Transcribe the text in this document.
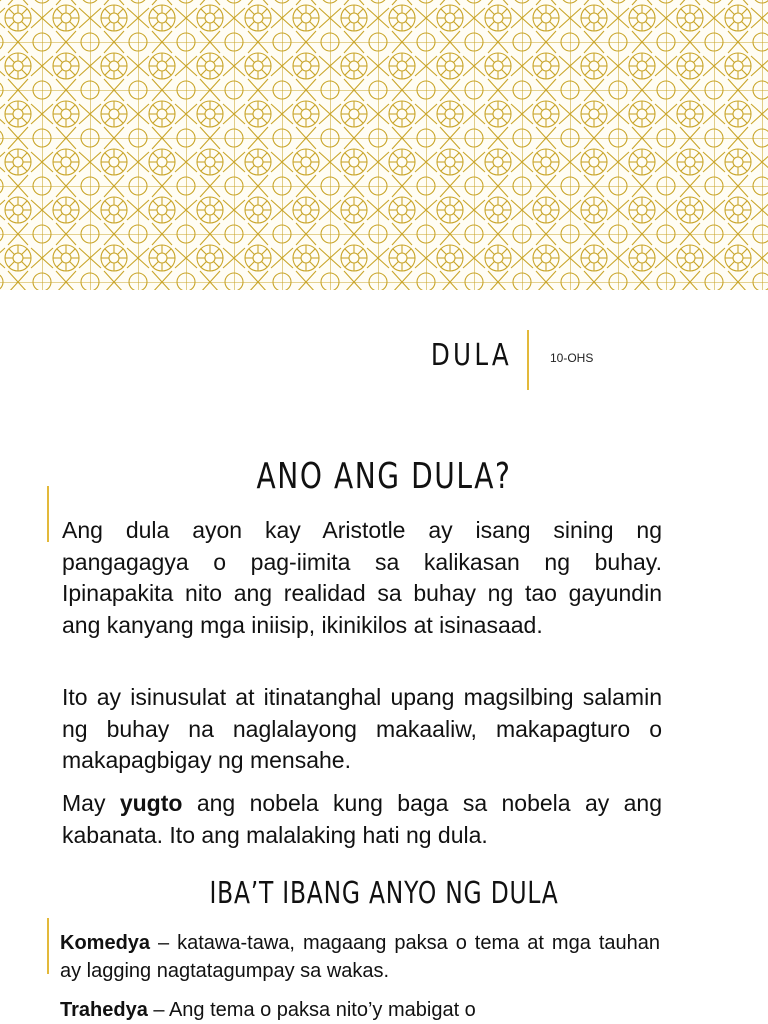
DULA	10-OHS
ANO ANG DULA?

Ang dula ayon kay Aristotle ay isang sining ng pangagagya o pag-iimita sa kalikasan ng buhay. Ipinapakita nito ang realidad sa buhay ng tao gayundin ang kanyang mga iniisip, ikinikilos at isinasaad.

Ito ay isinusulat at itinatanghal upang magsilbing salamin ng buhay na naglalayong makaaliw, makapagturo o makapagbigay ng mensahe.

May yugto ang nobela kung baga sa nobela ay ang kabanata. Ito ang malalaking hati ng dula.

IBA’T IBANG ANYO NG DULA

Komedya – katawa-tawa, magaang paksa o tema at mga tauhan ay lagging nagtatagumpay sa wakas.

Trahedya – Ang tema o paksa nito’y mabigat o
